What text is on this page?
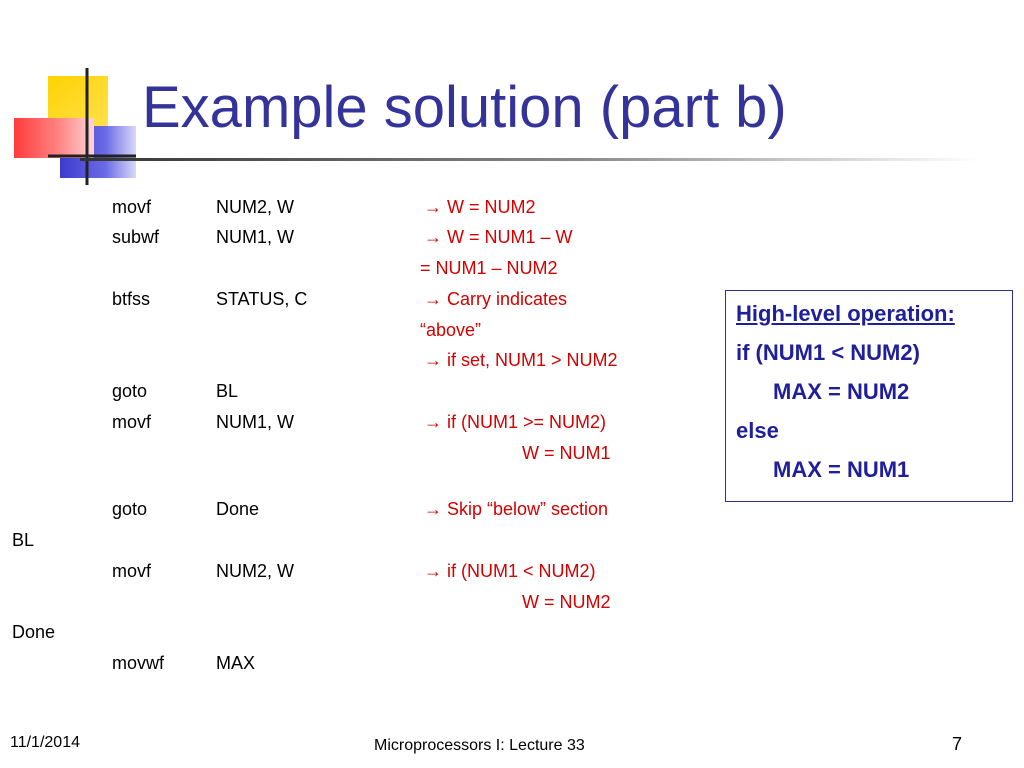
Example solution (part b)
movf	NUM2, W	→ W = NUM2
subwf	NUM1, W	→ W = NUM1 – W
= NUM1 – NUM2
btfss	STATUS, C	→ Carry indicates
“above”
→ if set, NUM1 > NUM2
goto	BL
movf	NUM1, W	→ if (NUM1 >= NUM2)
W = NUM1
goto	Done	→ Skip “below” section
BL
movf	NUM2, W	→ if (NUM1 < NUM2)
W = NUM2
Done
movwf	MAX
High-level operation:
if (NUM1 < NUM2)
MAX = NUM2
else
MAX = NUM1
11/1/2014	Microprocessors I: Lecture 33	7
